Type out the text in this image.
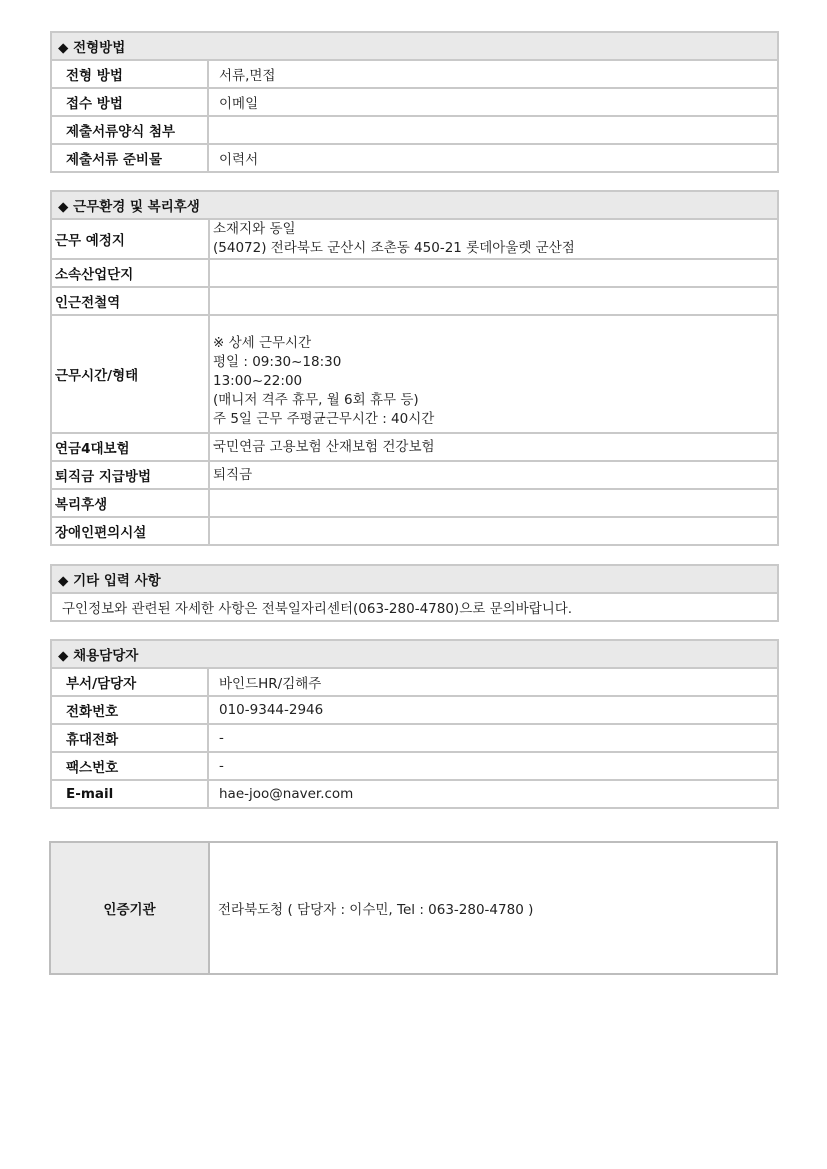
◆ 전형방법	
전형 방법	서류,면접
접수 방법	이메일
제출서류양식 첨부	
제출서류 준비물	이력서
◆ 근무환경 및 복리후생	
근무 예정지	소재지와 동일
(54072) 전라북도 군산시 조촌동 450-21 롯데아울렛 군산점

소속산업단지	
인근전철역	
근무시간/형태	※ 상세 근무시간
평일 : 09:30~18:30
13:00~22:00
(매니저 격주 휴무, 월 6회 휴무 등)
주 5일 근무 주평균근무시간 : 40시간

연금4대보험	국민연금 고용보험 산재보험 건강보험
퇴직금 지급방법	퇴직금
복리후생	
장애인편의시설	
◆ 기타 입력 사항
구인정보와 관련된 자세한 사항은 전북일자리센터(063-280-4780)으로 문의바랍니다.
◆ 채용담당자	
부서/담당자	바인드HR/김해주
전화번호	010-9344-2946
휴대전화	-
팩스번호	-
E-mail	hae-joo@naver.com
인증기관	전라북도청 ( 담당자 : 이수민, Tel : 063-280-4780 )
